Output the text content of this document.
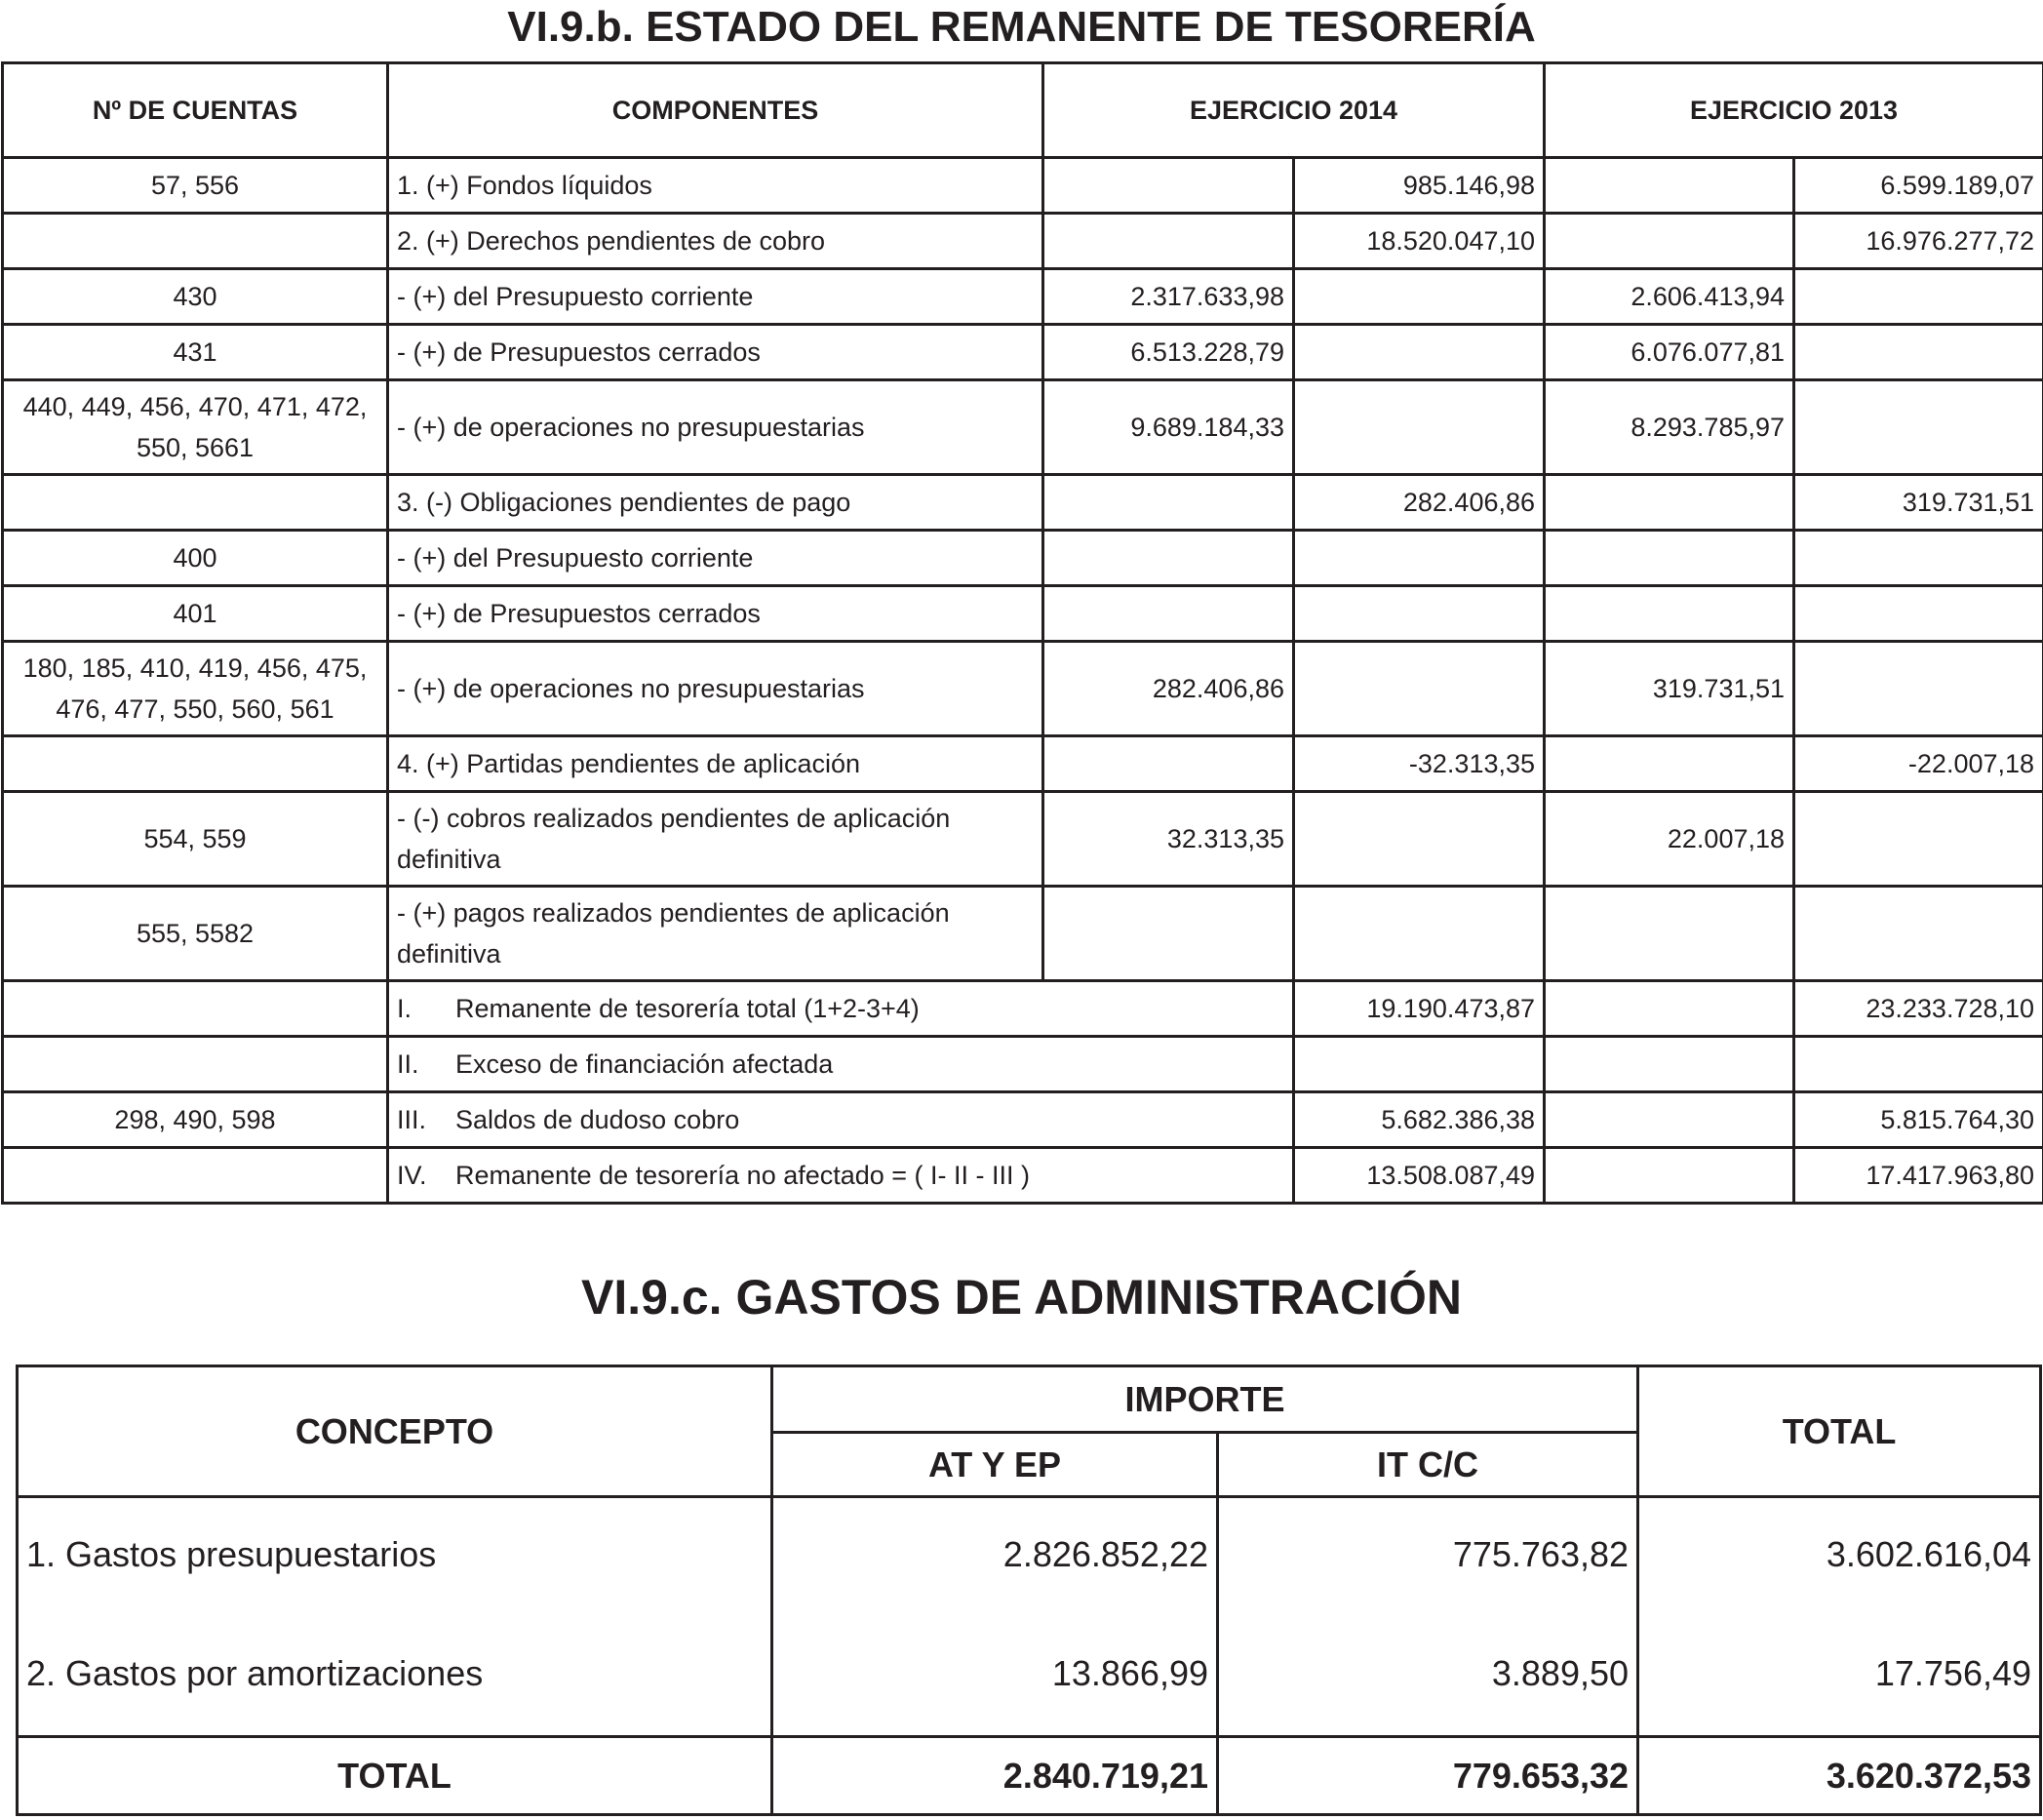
VI.9.b. ESTADO DEL REMANENTE DE TESORERÍA
Nº DE CUENTAS	COMPONENTES	EJERCICIO 2014		EJERCICIO 2013	
57, 556	1. (+) Fondos líquidos		985.146,98		6.599.189,07
	2. (+) Derechos pendientes de cobro		18.520.047,10		16.976.277,72
430	- (+) del Presupuesto corriente	2.317.633,98		2.606.413,94	
431	- (+) de Presupuestos cerrados	6.513.228,79		6.076.077,81	
440, 449, 456, 470, 471, 472, 550, 5661	- (+) de operaciones no presupuestarias	9.689.184,33		8.293.785,97	
	3. (-) Obligaciones pendientes de pago		282.406,86		319.731,51
400	- (+) del Presupuesto corriente				
401	- (+) de Presupuestos cerrados				
180, 185, 410, 419, 456, 475, 476, 477, 550, 560, 561	- (+) de operaciones no presupuestarias	282.406,86		319.731,51	
	4. (+) Partidas pendientes de aplicación		-32.313,35		-22.007,18
554, 559	- (-) cobros realizados pendientes de aplicación definitiva	32.313,35		22.007,18	
555, 5582	- (+) pagos realizados pendientes de aplicación definitiva				
	I. Remanente de tesorería total (1+2-3+4)		19.190.473,87		23.233.728,10
	II. Exceso de financiación afectada				
298, 490, 598	III. Saldos de dudoso cobro		5.682.386,38		5.815.764,30
	IV. Remanente de tesorería no afectado = ( I- II - III )		13.508.087,49		17.417.963,80
VI.9.c. GASTOS DE ADMINISTRACIÓN
CONCEPTO	IMPORTE		TOTAL
	AT Y EP	IT C/C	
1. Gastos presupuestarios	2.826.852,22	775.763,82	3.602.616,04
2. Gastos por amortizaciones	13.866,99	3.889,50	17.756,49
TOTAL	2.840.719,21	779.653,32	3.620.372,53
